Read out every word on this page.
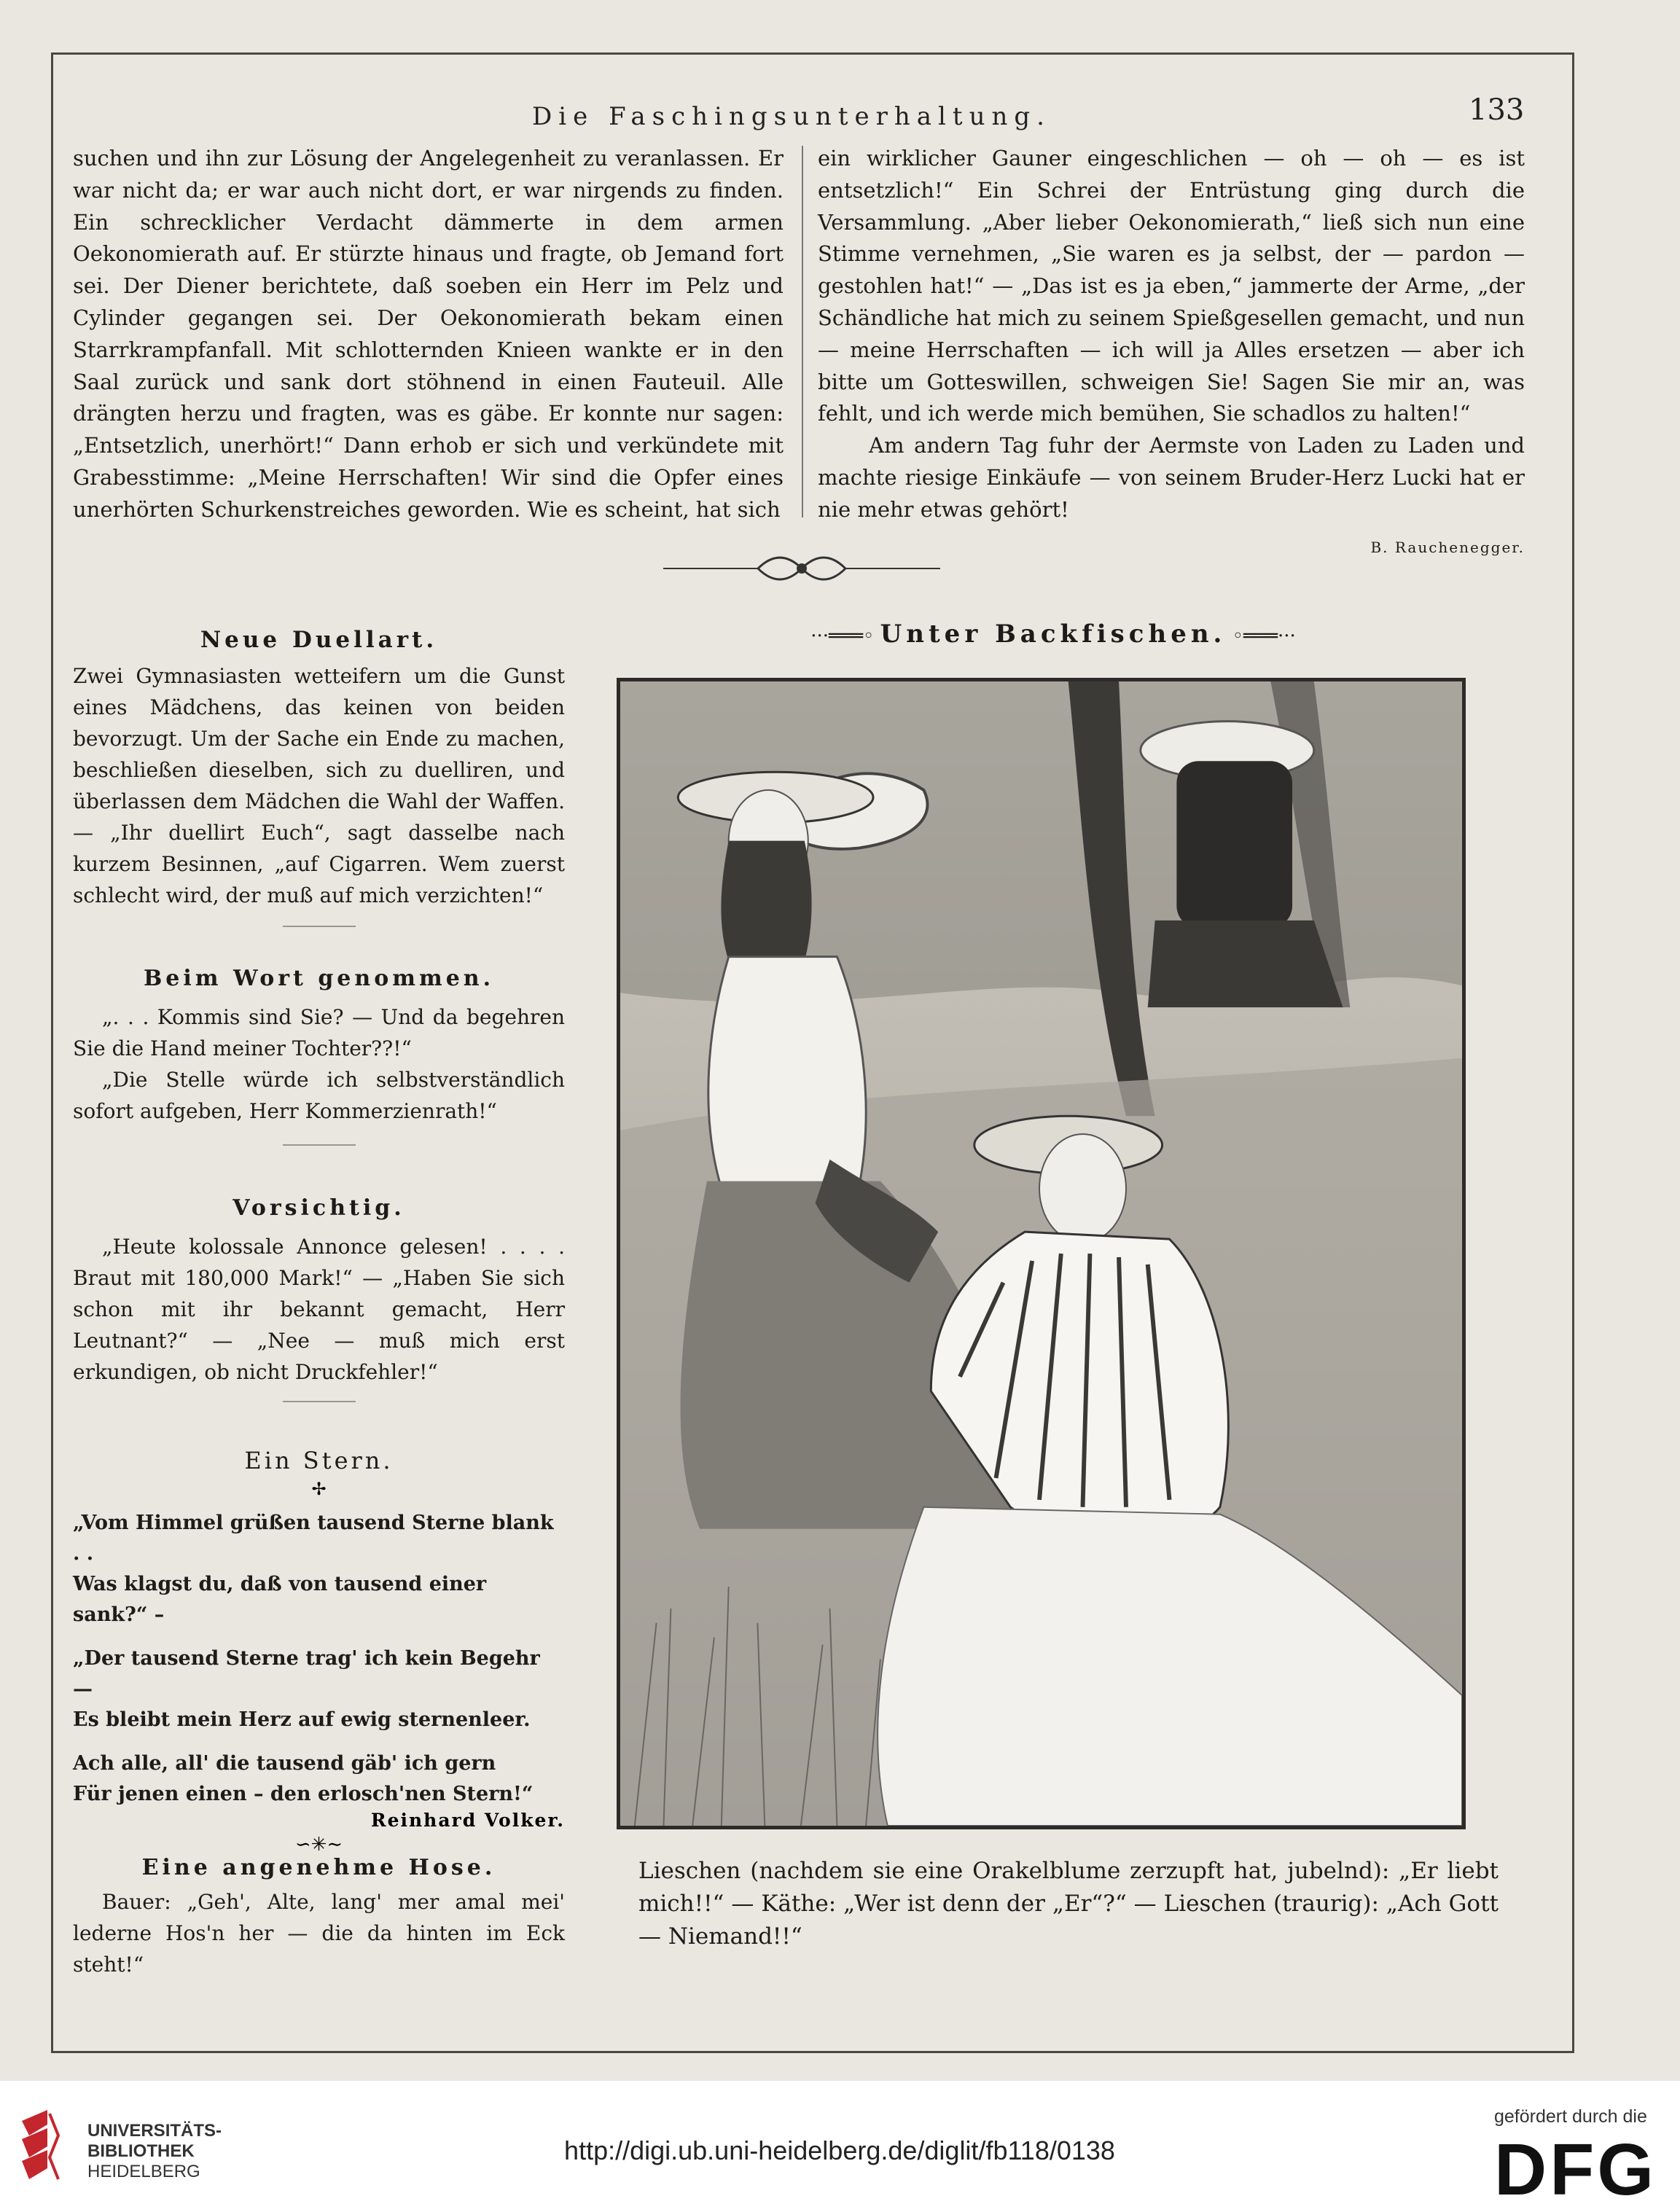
Die Faschingsunterhaltung.	133

suchen und ihn zur Lösung der Angelegenheit zu veranlassen. Er war nicht da; er war auch nicht dort, er war nirgends zu finden. Ein schrecklicher Verdacht dämmerte in dem armen Oekonomierath auf. Er stürzte hinaus und fragte, ob Jemand fort sei. Der Diener berichtete, daß soeben ein Herr im Pelz und Cylinder gegangen sei. Der Oekonomierath bekam einen Starrkrampfanfall. Mit schlotternden Knieen wankte er in den Saal zurück und sank dort stöhnend in einen Fauteuil. Alle drängten herzu und fragten, was es gäbe. Er konnte nur sagen: „Entsetzlich, unerhört!“ Dann erhob er sich und verkündete mit Grabesstimme: „Meine Herrschaften! Wir sind die Opfer eines unerhörten Schurkenstreiches geworden. Wie es scheint, hat sich

ein wirklicher Gauner eingeschlichen — oh — oh — es ist entsetzlich!“ Ein Schrei der Entrüstung ging durch die Versammlung. „Aber lieber Oekonomierath,“ ließ sich nun eine Stimme vernehmen, „Sie waren es ja selbst, der — pardon — gestohlen hat!“ — „Das ist es ja eben,“ jammerte der Arme, „der Schändliche hat mich zu seinem Spießgesellen gemacht, und nun — meine Herrschaften — ich will ja Alles ersetzen — aber ich bitte um Gotteswillen, schweigen Sie! Sagen Sie mir an, was fehlt, und ich werde mich bemühen, Sie schadlos zu halten!“

Am andern Tag fuhr der Aermste von Laden zu Laden und machte riesige Einkäufe — von seinem Bruder-Herz Lucki hat er nie mehr etwas gehört!

B. Rauchenegger.
Neue Duellart.
Zwei Gymnasiasten wetteifern um die Gunst eines Mädchens, das keinen von beiden bevorzugt. Um der Sache ein Ende zu machen, beschließen dieselben, sich zu duelliren, und überlassen dem Mädchen die Wahl der Waffen. — „Ihr duellirt Euch“, sagt dasselbe nach kurzem Besinnen, „auf Cigarren. Wem zuerst schlecht wird, der muß auf mich verzichten!“
Beim Wort genommen.
„. . . Kommis sind Sie? — Und da begehren Sie die Hand meiner Tochter??!“
„Die Stelle würde ich selbstverständlich sofort aufgeben, Herr Kommerzienrath!“
Vorsichtig.
„Heute kolossale Annonce gelesen! . . . . Braut mit 180,000 Mark!“ — „Haben Sie sich schon mit ihr bekannt gemacht, Herr Leutnant?“ — „Nee — muß mich erst erkundigen, ob nicht Druckfehler!“
Ein Stern.
✢
„Vom Himmel grüßen tausend Sterne blank . .
Was klagst du, daß von tausend einer sank?“ –
„Der tausend Sterne trag' ich kein Begehr —
Es bleibt mein Herz auf ewig sternenleer.
Ach alle, all' die tausend gäb' ich gern
Für jenen einen – den erlosch'nen Stern!“
Reinhard Volker.
∽✳∼
Eine angenehme Hose.
Bauer: „Geh', Alte, lang' mer amal mei' lederne Hos'n her — die da hinten im Eck steht!“
···═══◦ Unter Backfischen. ◦═══···
Lieschen (nachdem sie eine Orakelblume zerzupft hat, jubelnd): „Er liebt mich!!“ — Käthe: „Wer ist denn der „Er“?“ — Lieschen (traurig): „Ach Gott — Niemand!!“
UNIVERSITÄTS-
BIBLIOTHEK
HEIDELBERG
http://digi.ub.uni-heidelberg.de/diglit/fb118/0138
gefördert durch die
DFG
